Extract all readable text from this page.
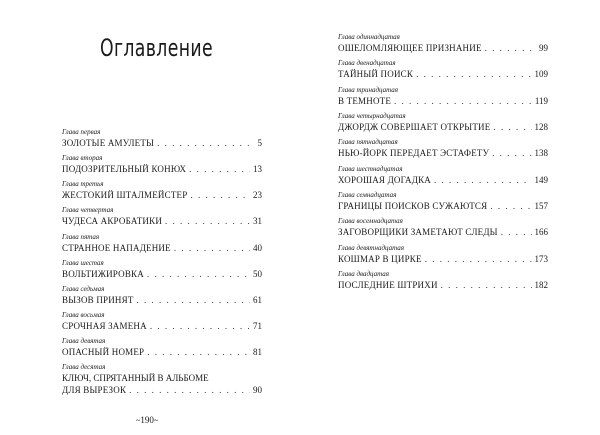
Оглавление
Глава первая
ЗОЛОТЫЕ АМУЛЕТЫ . . .	5
Глава вторая
ПОДОЗРИТЕЛЬНЫЙ КОНЮХ . . .	13
Глава третья
ЖЕСТОКИЙ ШТАЛМЕЙСТЕР . . .	23
Глава четвертая
ЧУДЕСА АКРОБАТИКИ . . .	31
Глава пятая
СТРАННОЕ НАПАДЕНИЕ . . .	40
Глава шестая
ВОЛЬТИЖИРОВКА . . .	50
Глава седьмая
ВЫЗОВ ПРИНЯТ . . .	61
Глава восьмая
СРОЧНАЯ ЗАМЕНА . . .	71
Глава девятая
ОПАСНЫЙ НОМЕР . . .	81
Глава десятая
КЛЮЧ, СПРЯТАННЫЙ В АЛЬБОМЕ
ДЛЯ ВЫРЕЗОК . . .	90
Глава одиннадцатая
ОШЕЛОМЛЯЮЩЕЕ ПРИЗНАНИЕ . . .	99
Глава двенадцатая
ТАЙНЫЙ ПОИСК . . .	109
Глава тринадцатая
В ТЕМНОТЕ . . .	119
Глава четырнадцатая
ДЖОРДЖ СОВЕРШАЕТ ОТКРЫТИЕ . . .	128
Глава пятнадцатая
НЬЮ-ЙОРК ПЕРЕДАЕТ ЭСТАФЕТУ . . .	138
Глава шестнадцатая
ХОРОШАЯ ДОГАДКА . . .	149
Глава семнадцатая
ГРАНИЦЫ ПОИСКОВ СУЖАЮТСЯ . . .	157
Глава восемнадцатая
ЗАГОВОРЩИКИ ЗАМЕТАЮТ СЛЕДЫ . . .	166
Глава девятнадцатая
КОШМАР В ЦИРКЕ . . .	173
Глава двадцатая
ПОСЛЕДНИЕ ШТРИХИ . . .	182
~190~
